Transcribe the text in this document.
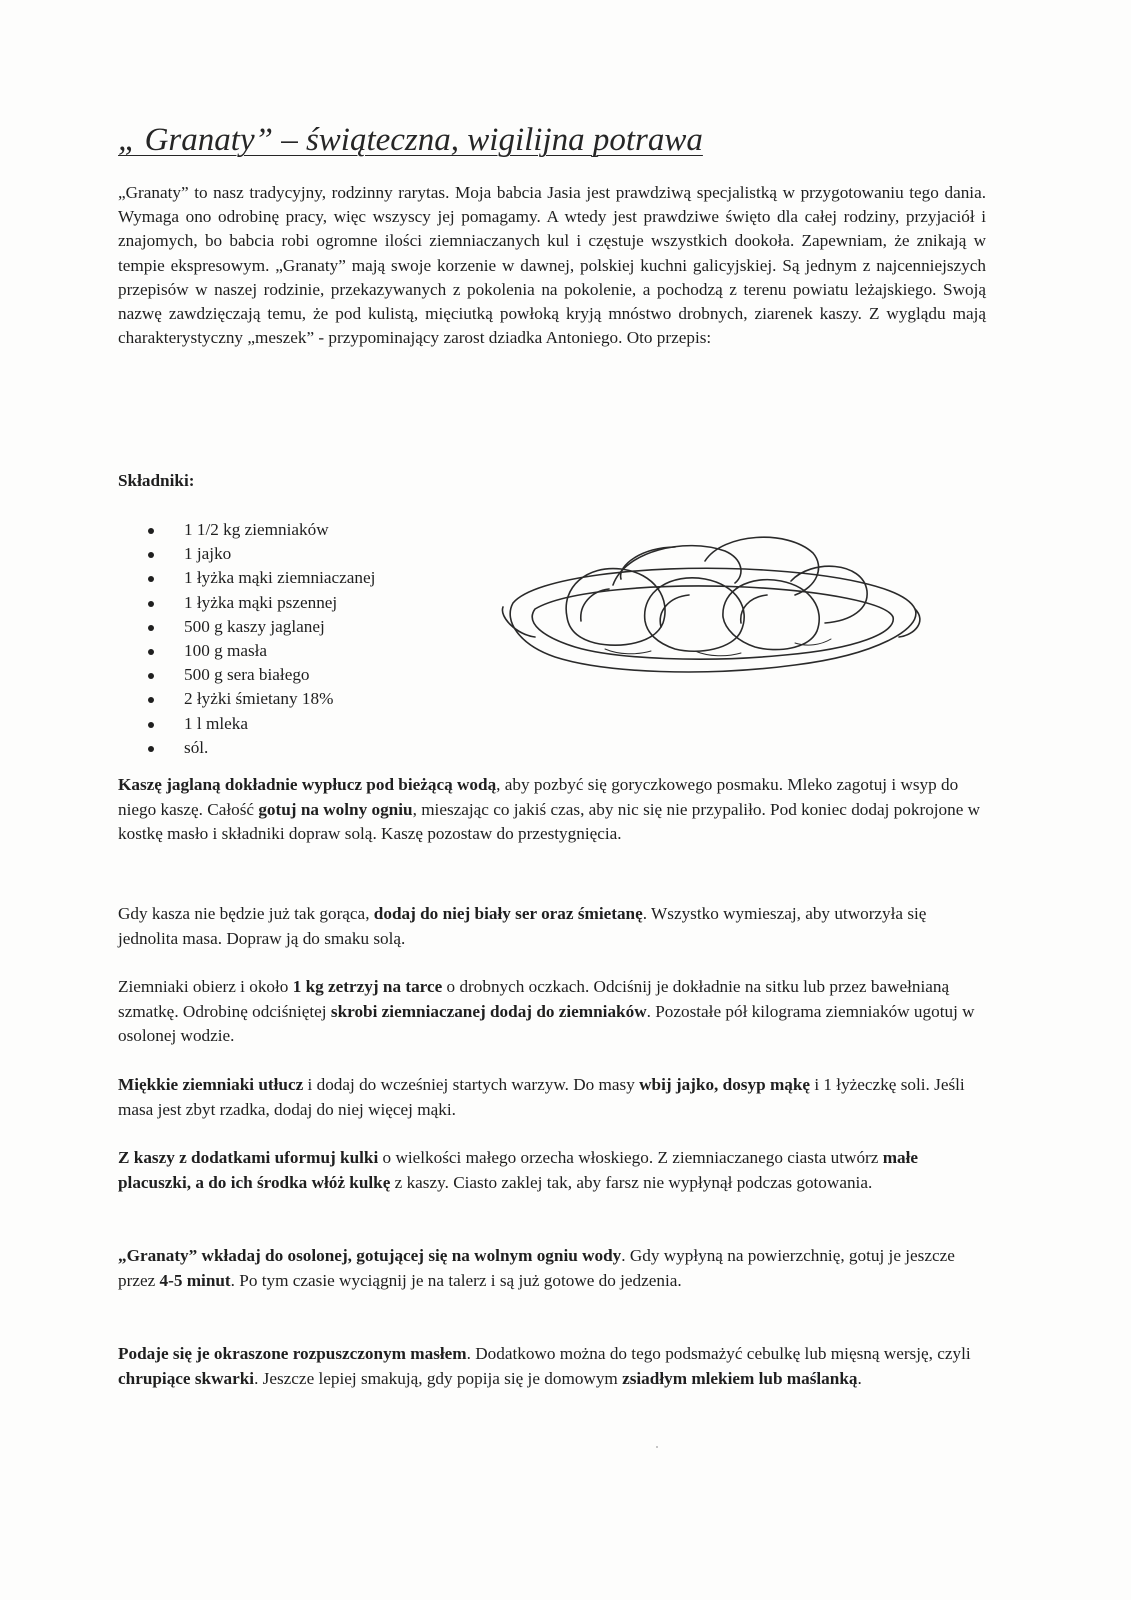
„ Granaty” – świąteczna, wigilijna potrawa

„Granaty” to nasz tradycyjny, rodzinny rarytas. Moja babcia Jasia jest prawdziwą specjalistką w przygotowaniu tego dania. Wymaga ono odrobinę pracy, więc wszyscy jej pomagamy. A wtedy jest prawdziwe święto dla całej rodziny, przyjaciół i znajomych, bo babcia robi ogromne ilości ziemniaczanych kul i częstuje wszystkich dookoła. Zapewniam, że znikają w tempie ekspresowym. „Granaty” mają swoje korzenie w dawnej, polskiej kuchni galicyjskiej. Są jednym z najcenniejszych przepisów w naszej rodzinie, przekazywanych z pokolenia na pokolenie, a pochodzą z terenu powiatu leżajskiego. Swoją nazwę zawdzięczają temu, że pod kulistą, mięciutką powłoką kryją mnóstwo drobnych, ziarenek kaszy. Z wyglądu mają charakterystyczny „meszek” - przypominający zarost dziadka Antoniego. Oto przepis:

Składniki:
1 1/2 kg ziemniaków
1 jajko
1 łyżka mąki ziemniaczanej
1 łyżka mąki pszennej
500 g kaszy jaglanej
100 g masła
500 g sera białego
2 łyżki śmietany 18%
1 l mleka
sól.
Kaszę jaglaną dokładnie wypłucz pod bieżącą wodą, aby pozbyć się goryczkowego posmaku. Mleko zagotuj i wsyp do niego kaszę. Całość gotuj na wolny ogniu, mieszając co jakiś czas, aby nic się nie przypaliło. Pod koniec dodaj pokrojone w kostkę masło i składniki dopraw solą. Kaszę pozostaw do przestygnięcia.
Gdy kasza nie będzie już tak gorąca, dodaj do niej biały ser oraz śmietanę. Wszystko wymieszaj, aby utworzyła się jednolita masa. Dopraw ją do smaku solą.
Ziemniaki obierz i około 1 kg zetrzyj na tarce o drobnych oczkach. Odciśnij je dokładnie na sitku lub przez bawełnianą szmatkę. Odrobinę odciśniętej skrobi ziemniaczanej dodaj do ziemniaków. Pozostałe pół kilograma ziemniaków ugotuj w osolonej wodzie.
Miękkie ziemniaki utłucz i dodaj do wcześniej startych warzyw. Do masy wbij jajko, dosyp mąkę i 1 łyżeczkę soli. Jeśli masa jest zbyt rzadka, dodaj do niej więcej mąki.
Z kaszy z dodatkami uformuj kulki o wielkości małego orzecha włoskiego. Z ziemniaczanego ciasta utwórz małe placuszki, a do ich środka włóż kulkę z kaszy. Ciasto zaklej tak, aby farsz nie wypłynął podczas gotowania.
„Granaty” wkładaj do osolonej, gotującej się na wolnym ogniu wody. Gdy wypłyną na powierzchnię, gotuj je jeszcze przez 4-5 minut. Po tym czasie wyciągnij je na talerz i są już gotowe do jedzenia.
Podaje się je okraszone rozpuszczonym masłem. Dodatkowo można do tego podsmażyć cebulkę lub mięsną wersję, czyli chrupiące skwarki. Jeszcze lepiej smakują, gdy popija się je domowym zsiadłym mlekiem lub maślanką.
